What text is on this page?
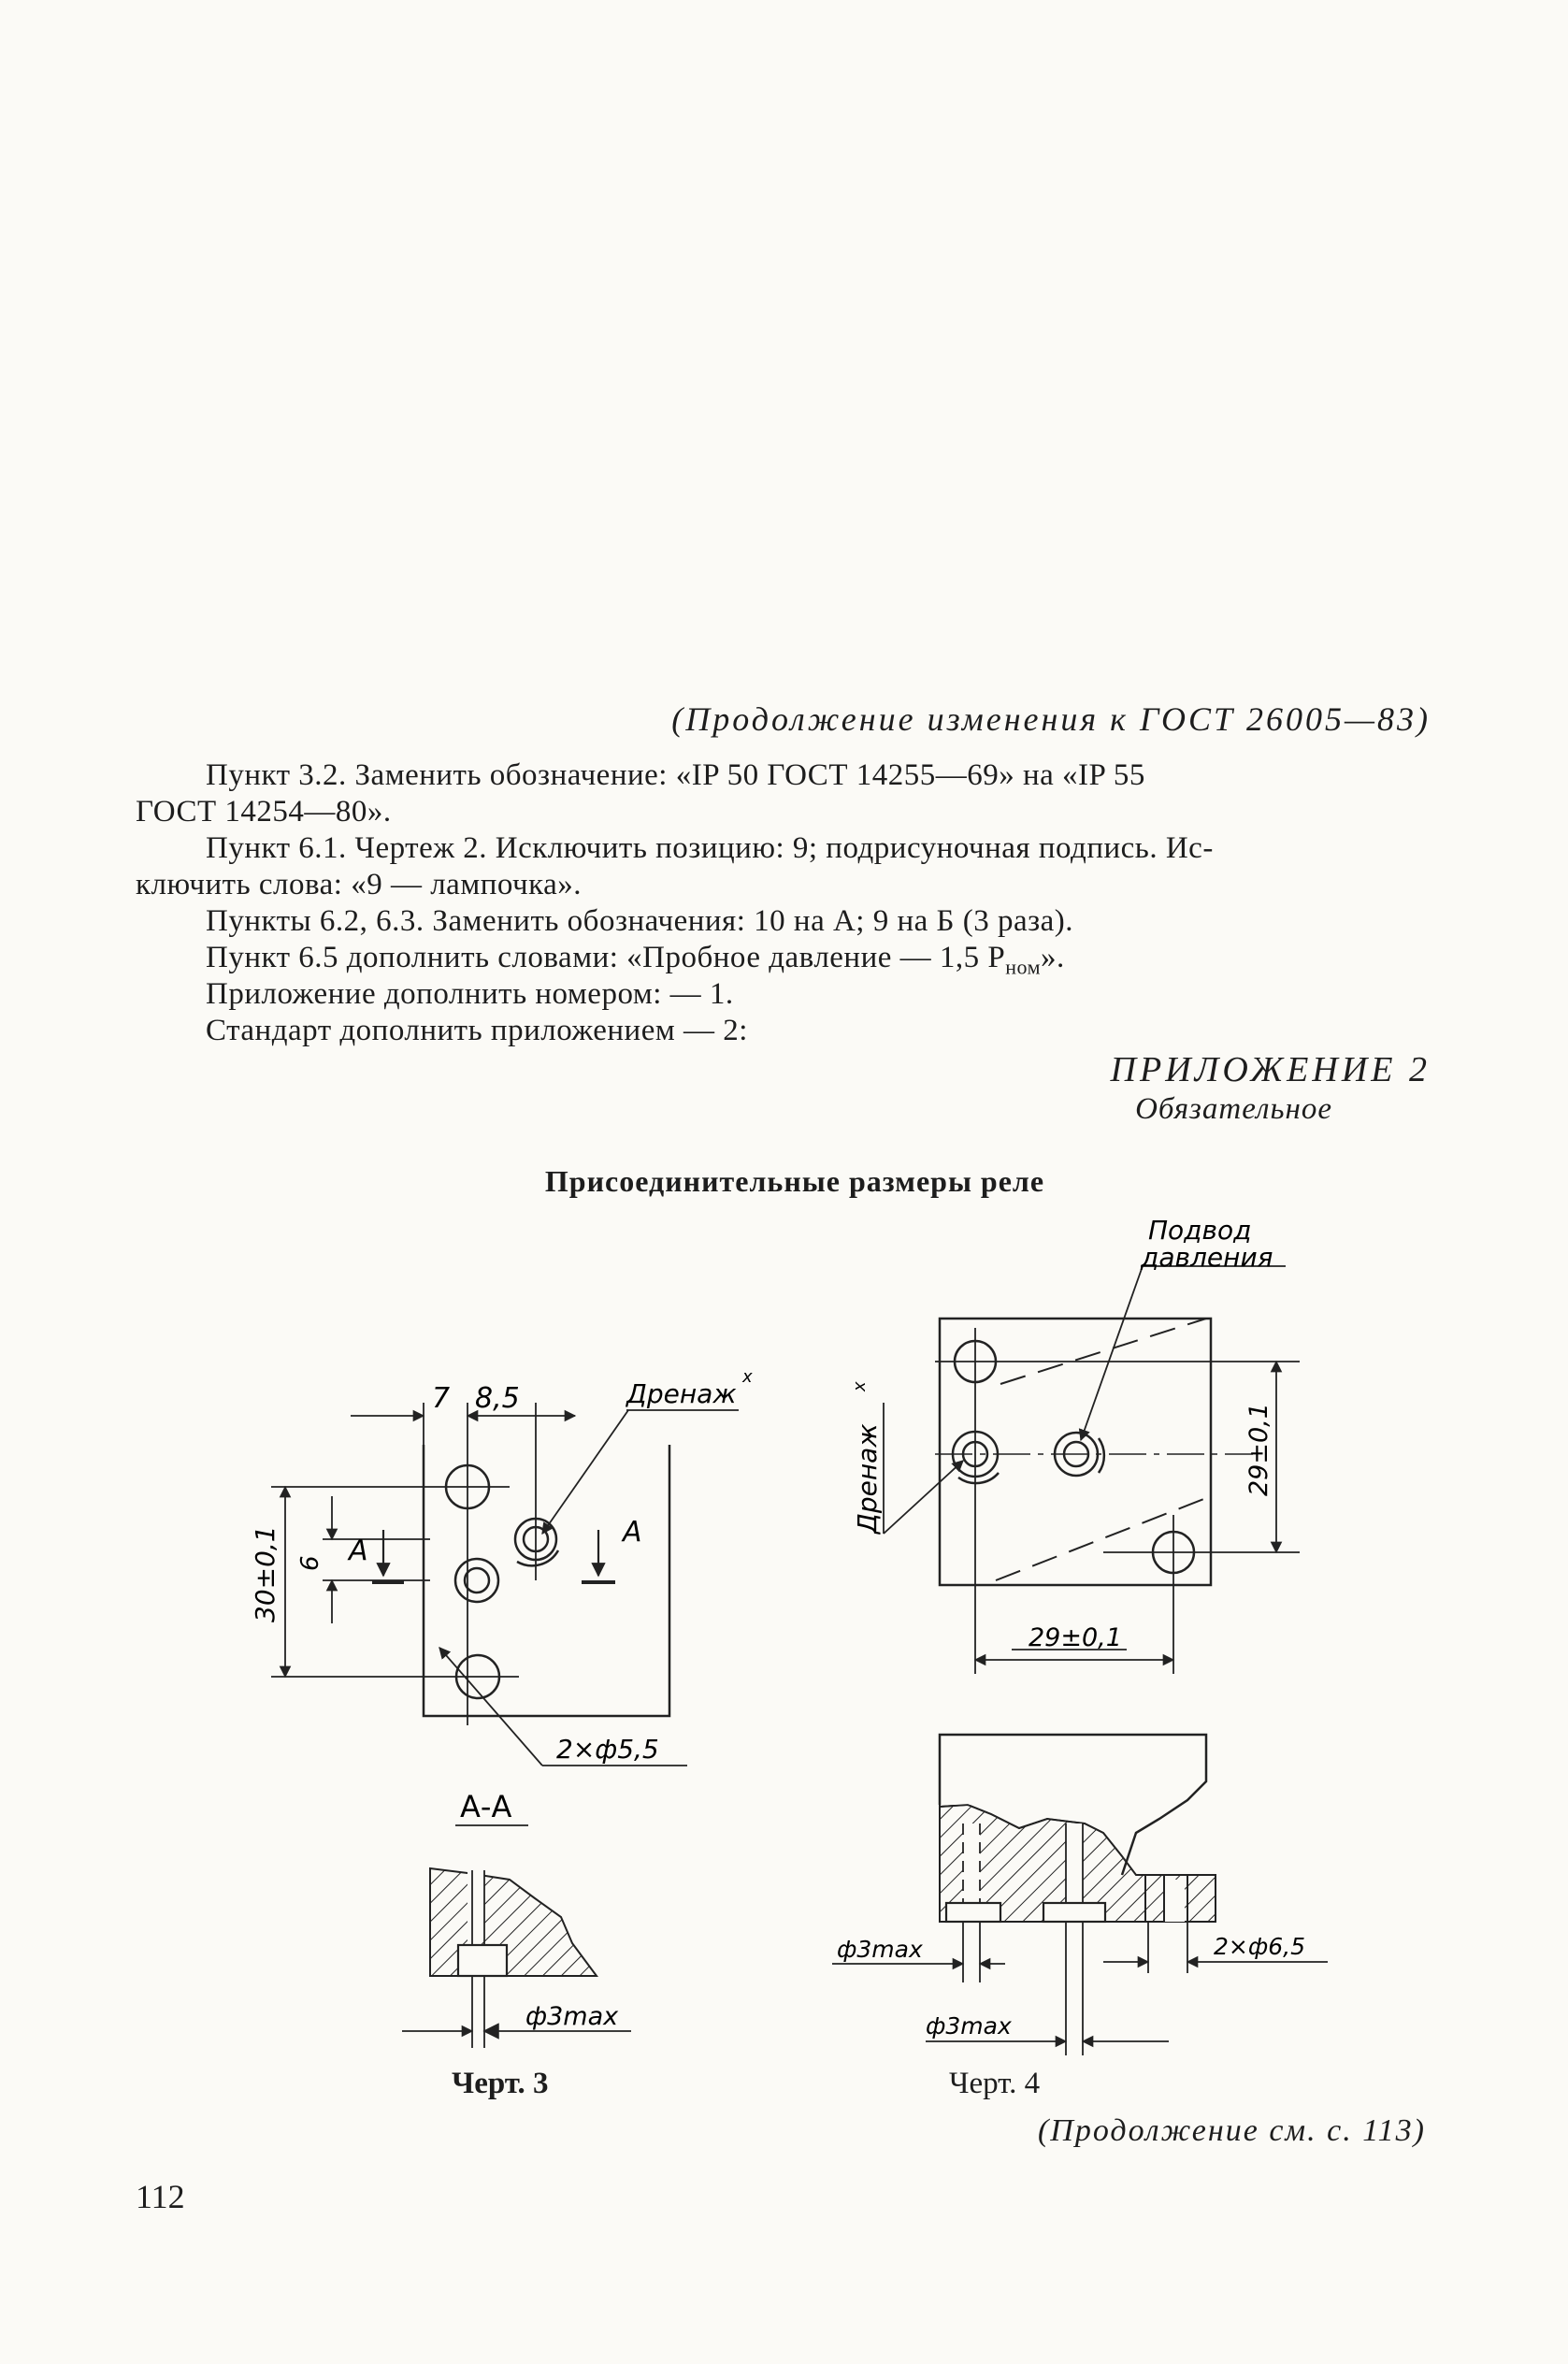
(Продолжение изменения к ГОСТ 26005—83)
Пункт 3.2. Заменить обозначение: «IP 50 ГОСТ 14255—69» на «IP 55
ГОСТ 14254—80».
Пункт 6.1. Чертеж 2. Исключить позицию: 9; подрисуночная подпись. Ис-
ключить слова: «9 — лампочка».
Пункты 6.2, 6.3. Заменить обозначения: 10 на А; 9 на Б (3 раза).
Пункт 6.5 дополнить словами: «Пробное давление — 1,5 $P_{ном}$».
Приложение дополнить номером: — 1.
Стандарт дополнить приложением — 2:
ПРИЛОЖЕНИЕ 2
Обязательное
Присоединительные размеры реле
7 8,5	Дренаж
x
А
А
6
30±0,1
2×ф5,5
А-А
ф3max
Подвод
давления
Дренаж
x
29±0,1
29±0,1
ф3max
ф3max
2×ф6,5
Черт. 3	Черт. 4
(Продолжение см. с. 113)
112
